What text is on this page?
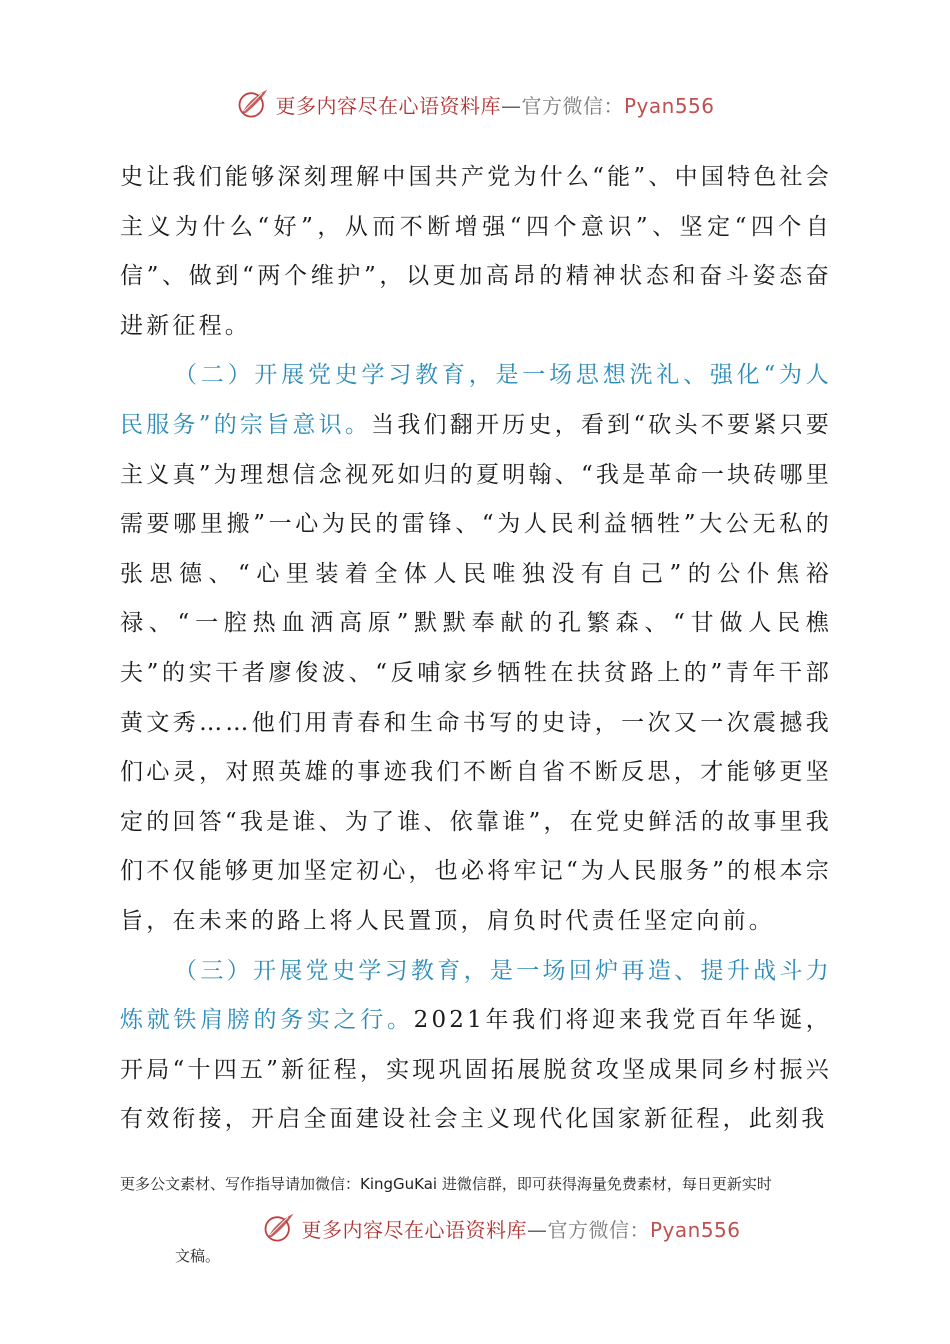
更多内容尽在心语资料库—官方微信：Pyan556

史让我们能够深刻理解中国共产党为什么“能”、中国特色社会主义为什么“好”，从而不断增强“四个意识”、坚定“四个自信”、做到“两个维护”，以更加高昂的精神状态和奋斗姿态奋进新征程。

（二）开展党史学习教育，是一场思想洗礼、强化“为人民服务”的宗旨意识。当我们翻开历史，看到“砍头不要紧只要主义真”为理想信念视死如归的夏明翰、“我是革命一块砖哪里需要哪里搬”一心为民的雷锋、“为人民利益牺牲”大公无私的张思德、“心里装着全体人民唯独没有自己”的公仆焦裕禄、“一腔热血洒高原”默默奉献的孔繁森、“甘做人民樵夫”的实干者廖俊波、“反哺家乡牺牲在扶贫路上的”青年干部黄文秀……他们用青春和生命书写的史诗，一次又一次震撼我们心灵，对照英雄的事迹我们不断自省不断反思，才能够更坚定的回答“我是谁、为了谁、依靠谁”，在党史鲜活的故事里我们不仅能够更加坚定初心，也必将牢记“为人民服务”的根本宗旨，在未来的路上将人民置顶，肩负时代责任坚定向前。

（三）开展党史学习教育，是一场回炉再造、提升战斗力炼就铁肩膀的务实之行。2021年我们将迎来我党百年华诞，开局“十四五”新征程，实现巩固拓展脱贫攻坚成果同乡村振兴有效衔接，开启全面建设社会主义现代化国家新征程，此刻我

更多公文素材、写作指导请加微信：KingGuKai 进微信群，即可获得海量免费素材，每日更新实时
更多内容尽在心语资料库—官方微信：Pyan556
文稿。
